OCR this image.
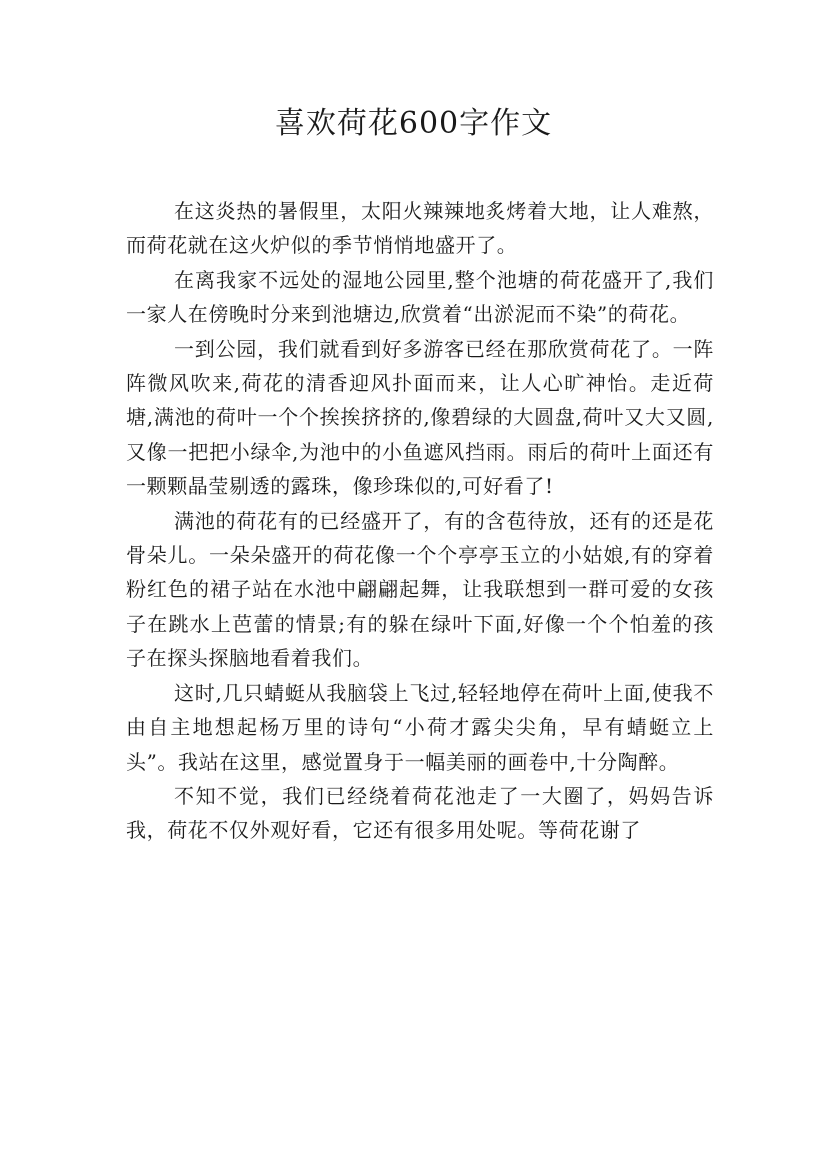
喜欢荷花600字作文

在这炎热的暑假里，太阳火辣辣地炙烤着大地，让人难熬，而荷花就在这火炉似的季节悄悄地盛开了。

在离我家不远处的湿地公园里,整个池塘的荷花盛开了,我们一家人在傍晚时分来到池塘边,欣赏着“出淤泥而不染”的荷花。

一到公园，我们就看到好多游客已经在那欣赏荷花了。一阵阵微风吹来,荷花的清香迎风扑面而来，让人心旷神怡。走近荷塘,满池的荷叶一个个挨挨挤挤的,像碧绿的大圆盘,荷叶又大又圆,又像一把把小绿伞,为池中的小鱼遮风挡雨。雨后的荷叶上面还有一颗颗晶莹剔透的露珠，像珍珠似的,可好看了!

满池的荷花有的已经盛开了，有的含苞待放，还有的还是花骨朵儿。一朵朵盛开的荷花像一个个亭亭玉立的小姑娘,有的穿着粉红色的裙子站在水池中翩翩起舞，让我联想到一群可爱的女孩子在跳水上芭蕾的情景;有的躲在绿叶下面,好像一个个怕羞的孩子在探头探脑地看着我们。

这时,几只蜻蜓从我脑袋上飞过,轻轻地停在荷叶上面,使我不由自主地想起杨万里的诗句“小荷才露尖尖角，早有蜻蜓立上头”。我站在这里，感觉置身于一幅美丽的画卷中,十分陶醉。

不知不觉，我们已经绕着荷花池走了一大圈了，妈妈告诉我，荷花不仅外观好看，它还有很多用处呢。等荷花谢了
